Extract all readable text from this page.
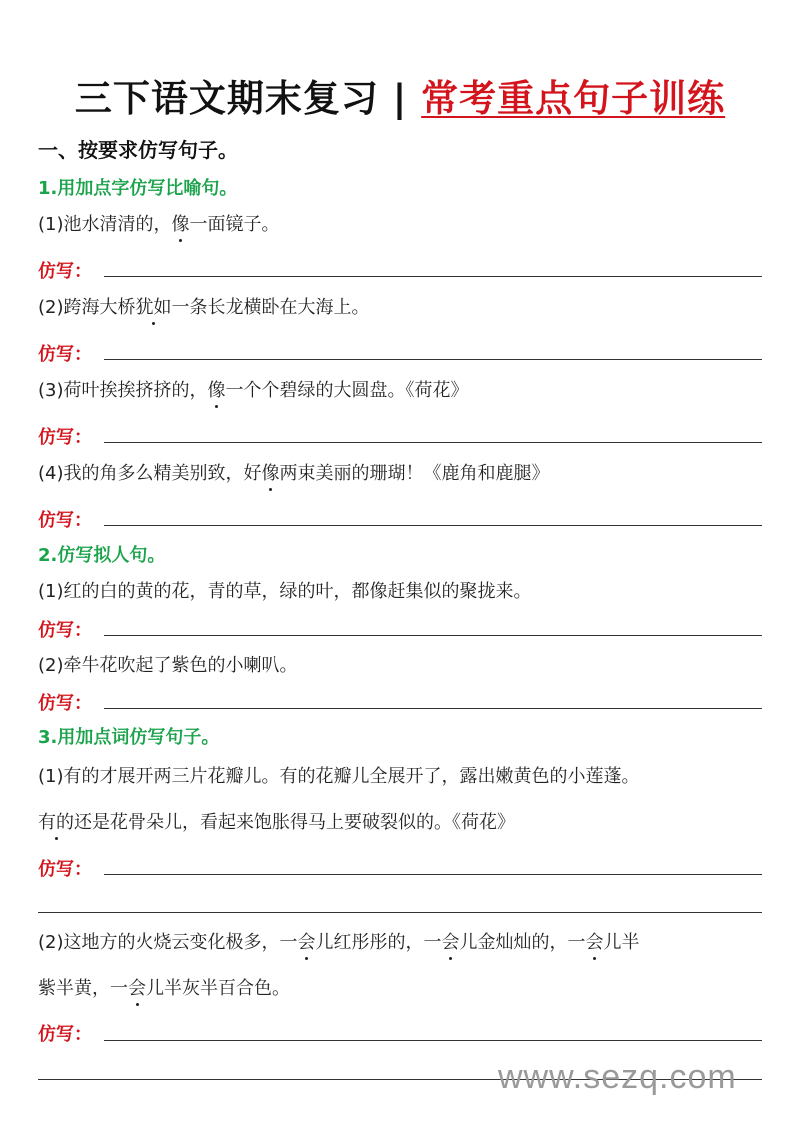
三下语文期末复习 | 常考重点句子训练
一、按要求仿写句子。
1.用加点字仿写比喻句。
(1)池水清清的，像一面镜子。
仿写：
(2)跨海大桥犹如一条长龙横卧在大海上。
仿写：
(3)荷叶挨挨挤挤的，像一个个碧绿的大圆盘。《荷花》
仿写：
(4)我的角多么精美别致，好像两束美丽的珊瑚！《鹿角和鹿腿》
仿写：
2.仿写拟人句。
(1)红的白的黄的花，青的草，绿的叶，都像赶集似的聚拢来。
仿写：
(2)牵牛花吹起了紫色的小喇叭。
仿写：
3.用加点词仿写句子。
(1)有的才展开两三片花瓣儿。有的花瓣儿全展开了，露出嫩黄色的小莲蓬。
有的还是花骨朵儿，看起来饱胀得马上要破裂似的。《荷花》
仿写：
(2)这地方的火烧云变化极多，一会儿红彤彤的，一会儿金灿灿的，一会儿半
紫半黄，一会儿半灰半百合色。
仿写：
www.sezq.com
